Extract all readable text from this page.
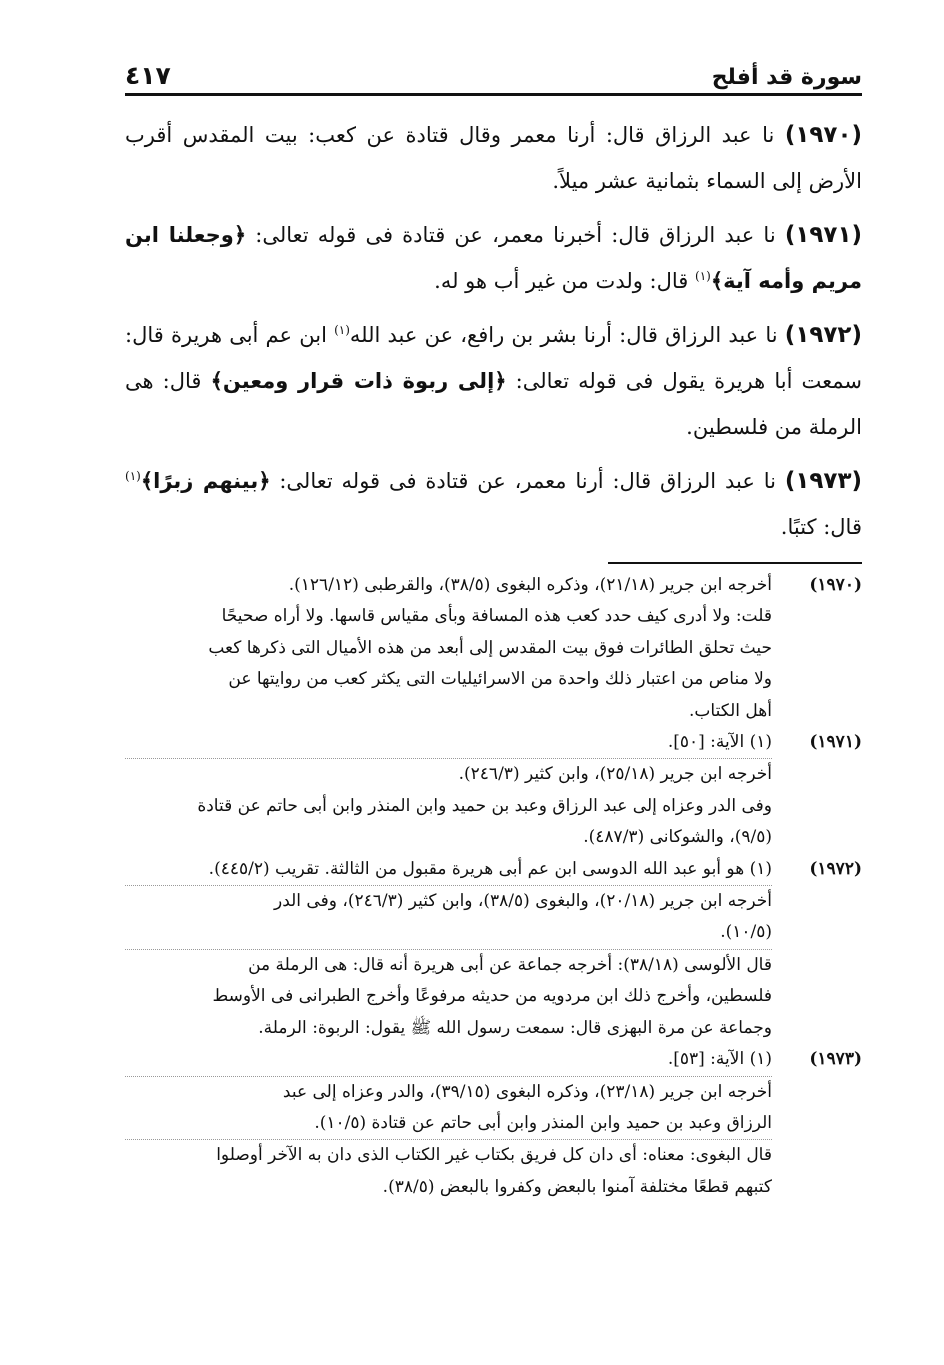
سورة قد أفلح
٤١٧

(١٩٧٠) نا عبد الرزاق قال: أرنا معمر وقال قتادة عن كعب: بيت المقدس أقرب الأرض إلى السماء بثمانية عشر ميلاً.

(١٩٧١) نا عبد الرزاق قال: أخبرنا معمر، عن قتادة فى قوله تعالى: ﴿وجعلنا ابن مريم وأمه آية﴾$^{(١)}$ قال: ولدت من غير أب هو له.

(١٩٧٢) نا عبد الرزاق قال: أرنا بشر بن رافع، عن عبد الله$^{(١)}$ ابن عم أبى هريرة قال: سمعت أبا هريرة يقول فى قوله تعالى: ﴿إلى ربوة ذات قرار ومعين﴾ قال: هى الرملة من فلسطين.

(١٩٧٣) نا عبد الرزاق قال: أرنا معمر، عن قتادة فى قوله تعالى: ﴿بينهم زبرًا﴾$^{(١)}$ قال: كتبًا.

(١٩٧٠)
أخرجه ابن جرير (٢١/١٨)، وذكره البغوى (٣٨/٥)، والقرطبى (١٢٦/١٢).
قلت: ولا أدرى كيف حدد كعب هذه المسافة وبأى مقياس قاسها. ولا أراه صحيحًا
حيث تحلق الطائرات فوق بيت المقدس إلى أبعد من هذه الأميال التى ذكرها كعب
ولا مناص من اعتبار ذلك واحدة من الاسرائيليات التى يكثر كعب من روايتها عن
أهل الكتاب.
(١٩٧١)
(١) الآية: [٥٠].
أخرجه ابن جرير (٢٥/١٨)، وابن كثير (٢٤٦/٣).
وفى الدر وعزاه إلى عبد الرزاق وعبد بن حميد وابن المنذر وابن أبى حاتم عن قتادة
(٩/٥)، والشوكانى (٤٨٧/٣).
(١٩٧٢)
(١) هو أبو عبد الله الدوسى ابن عم أبى هريرة مقبول من الثالثة. تقريب (٤٤٥/٢).
أخرجه ابن جرير (٢٠/١٨)، والبغوى (٣٨/٥)، وابن كثير (٢٤٦/٣)، وفى الدر
(١٠/٥).
قال الألوسى (٣٨/١٨): أخرجه جماعة عن أبى هريرة أنه قال: هى الرملة من
فلسطين، وأخرج ذلك ابن مردويه من حديثه مرفوعًا وأخرج الطبرانى فى الأوسط
وجماعة عن مرة البهزى قال: سمعت رسول الله ﷺ يقول: الربوة: الرملة.
(١٩٧٣)
(١) الآية: [٥٣].
أخرجه ابن جرير (٢٣/١٨)، وذكره البغوى (٣٩/١٥)، والدر وعزاه إلى عبد
الرزاق وعبد بن حميد وابن المنذر وابن أبى حاتم عن قتادة (١٠/٥).
قال البغوى: معناه: أى دان كل فريق بكتاب غير الكتاب الذى دان به الآخر أوصلوا
كتبهم قطعًا مختلفة آمنوا بالبعض وكفروا بالبعض (٣٨/٥).
